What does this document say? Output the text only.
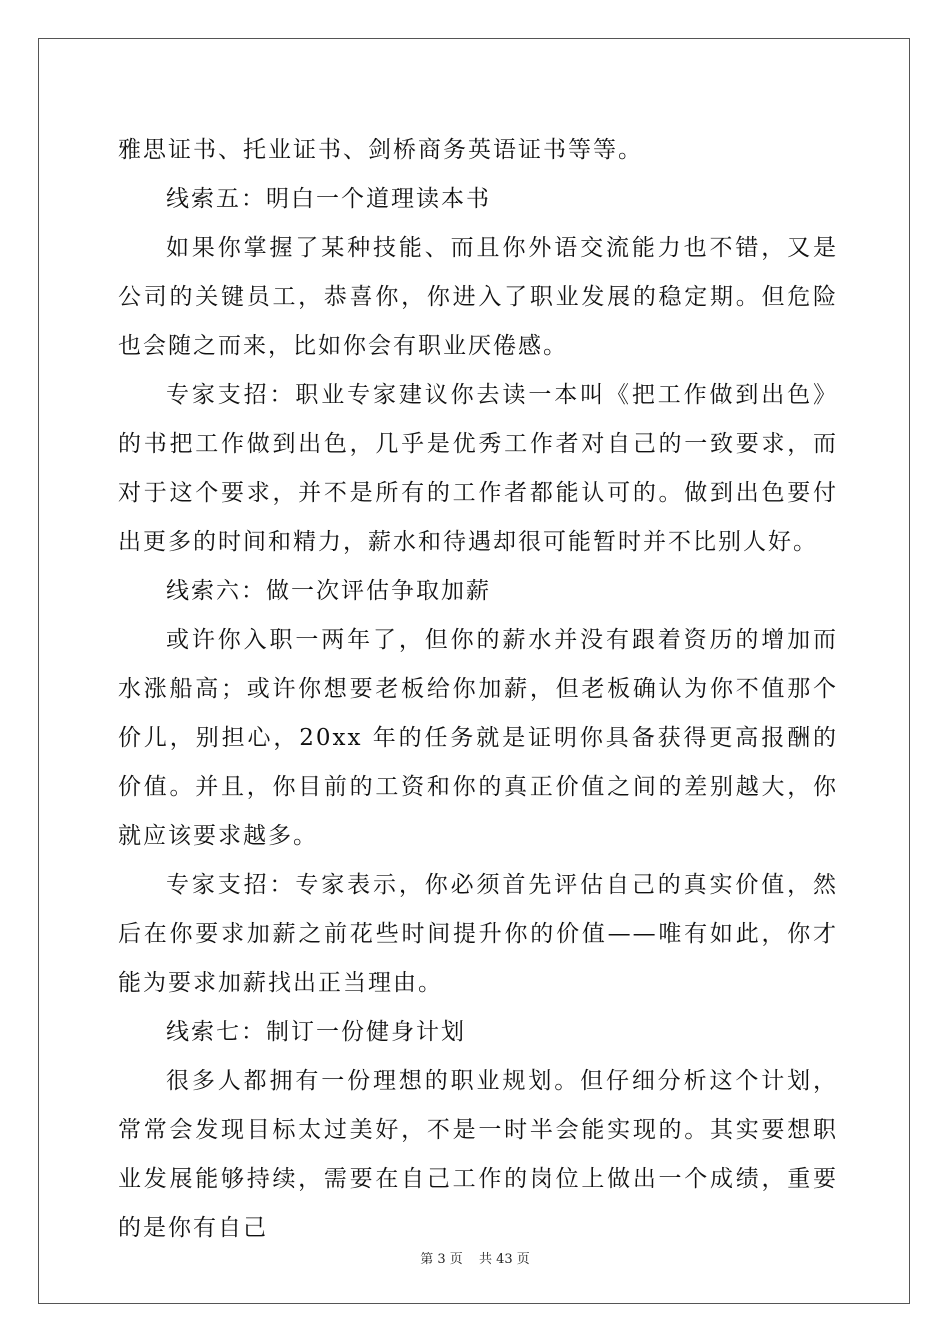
雅思证书、托业证书、剑桥商务英语证书等等。

线索五：明白一个道理读本书

如果你掌握了某种技能、而且你外语交流能力也不错，又是公司的关键员工，恭喜你，你进入了职业发展的稳定期。但危险也会随之而来，比如你会有职业厌倦感。

专家支招：职业专家建议你去读一本叫《把工作做到出色》的书把工作做到出色，几乎是优秀工作者对自己的一致要求，而对于这个要求，并不是所有的工作者都能认可的。做到出色要付出更多的时间和精力，薪水和待遇却很可能暂时并不比别人好。

线索六：做一次评估争取加薪

或许你入职一两年了，但你的薪水并没有跟着资历的增加而水涨船高；或许你想要老板给你加薪，但老板确认为你不值那个价儿，别担心，20xx 年的任务就是证明你具备获得更高报酬的价值。并且，你目前的工资和你的真正价值之间的差别越大，你就应该要求越多。

专家支招：专家表示，你必须首先评估自己的真实价值，然后在你要求加薪之前花些时间提升你的价值——唯有如此，你才能为要求加薪找出正当理由。

线索七：制订一份健身计划

很多人都拥有一份理想的职业规划。但仔细分析这个计划，常常会发现目标太过美好，不是一时半会能实现的。其实要想职业发展能够持续，需要在自己工作的岗位上做出一个成绩，重要的是你有自己

第 3 页 共 43 页
